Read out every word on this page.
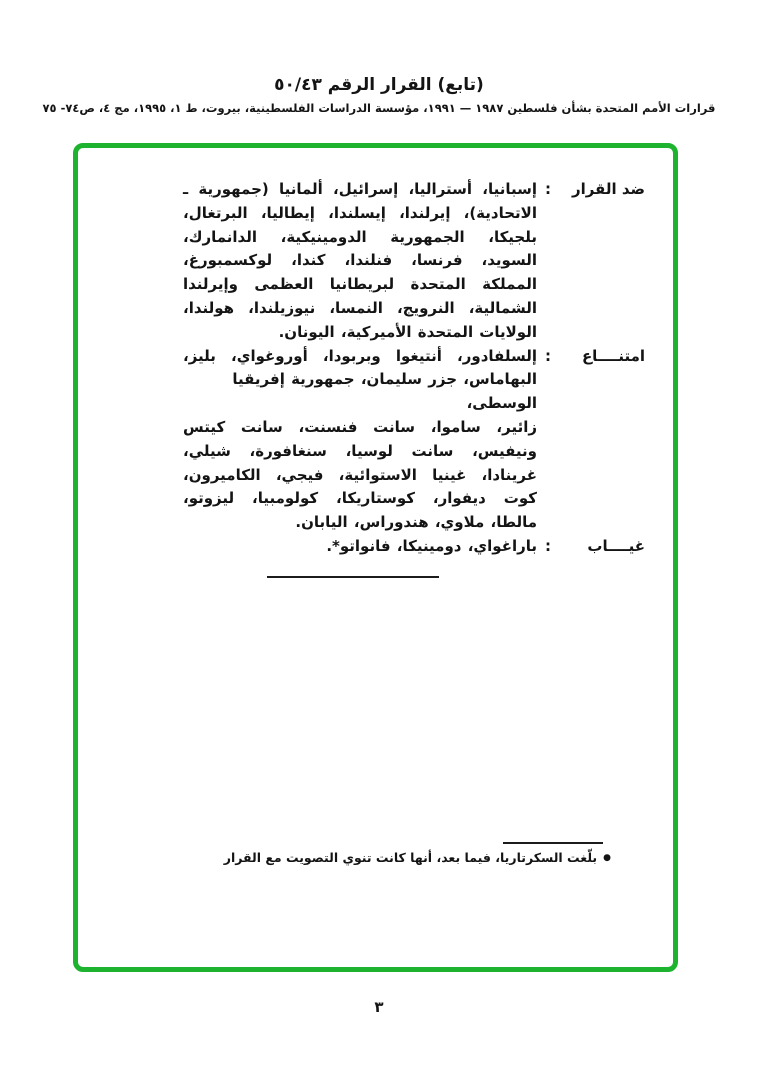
(تابع) القرار الرقم ٥٠/٤٣
قرارات الأمم المتحدة بشأن فلسطين ١٩٨٧ — ١٩٩١، مؤسسة الدراسات الفلسطينية، بيروت، ط ١، ١٩٩٥، مج ٤، ص٧٤- ٧٥
ضد القرار
:
إسبانيا، أستراليا، إسرائيل، ألمانيا (جمهورية ـ
الاتحادية)، إيرلندا، إيسلندا، إيطاليا، البرتغال،
بلجيكا، الجمهورية الدومينيكية، الدانمارك،
السويد، فرنسا، فنلندا، كندا، لوكسمبورغ،
المملكة المتحدة لبريطانيا العظمى وإيرلندا
الشمالية، النرويج، النمسا، نيوزيلندا، هولندا،
الولايات المتحدة الأميركية، اليونان.
امتنــــاع
:
إلسلفادور، أنتيغوا وبربودا، أوروغواي، بليز،
البهاماس، جزر سليمان، جمهورية إفريقيا الوسطى،
زائير، ساموا، سانت فنسنت، سانت كيتس
ونيفيس، سانت لوسيا، سنغافورة، شيلي،
غرينادا، غينيا الاستوائية، فيجي، الكاميرون،
كوت ديفوار، كوستاريكا، كولومبيا، ليزوتو،
مالطا، ملاوي، هندوراس، اليابان.
غيــــاب
:
باراغواي، دومينيكا، فانواتو*.
●بلّغت السكرتاريا، فيما بعد، أنها كانت تنوي التصويت مع القرار
٣
